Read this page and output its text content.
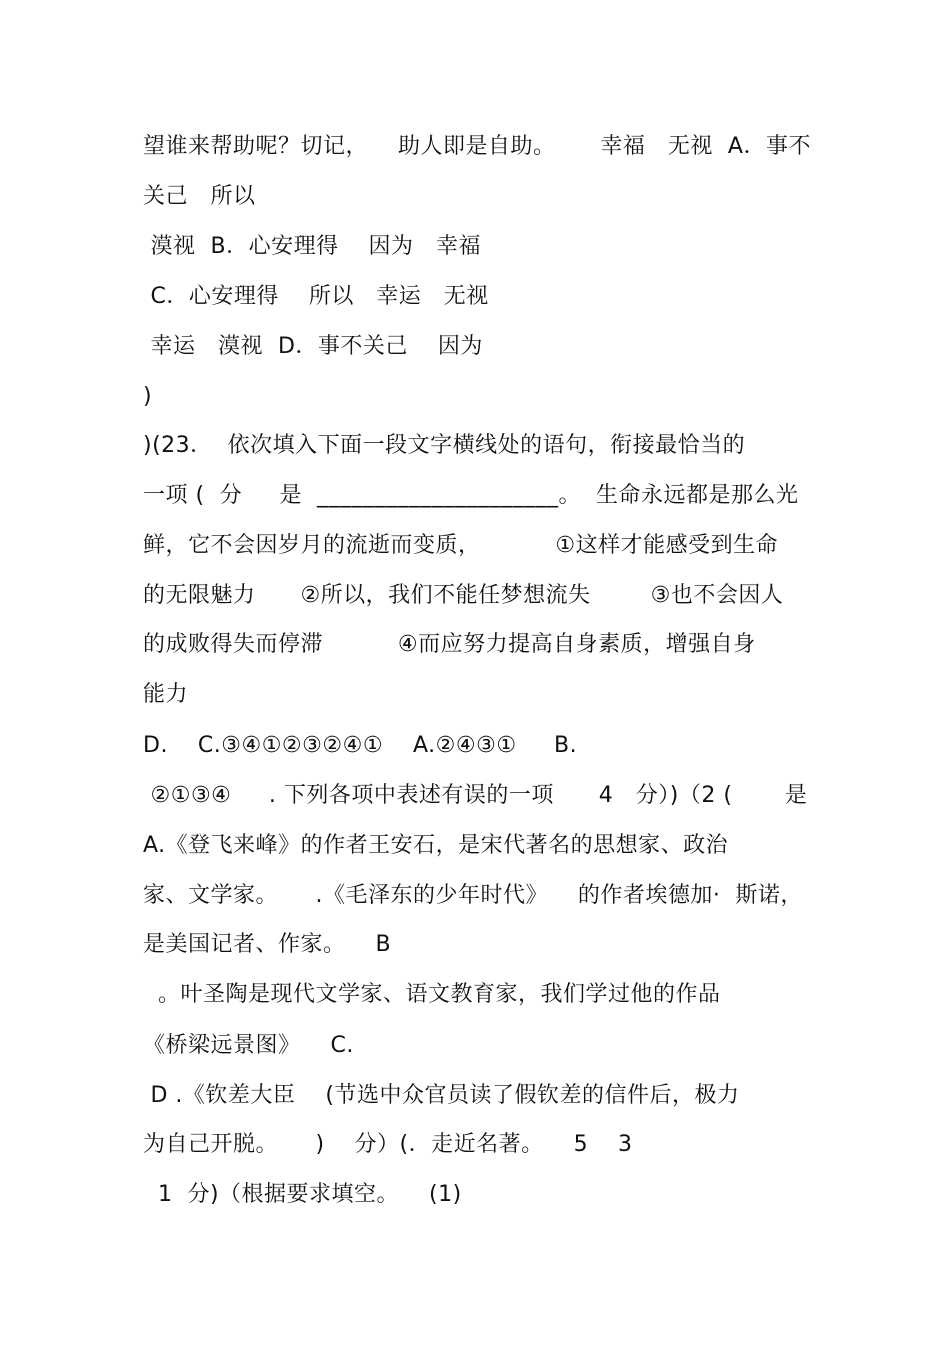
望谁来帮助呢？切记，    助人即是自助。      幸福   无视  A．事不
关己   所以
漠视  B．心安理得    因为   幸福
C．心安理得    所以   幸运   无视
幸运   漠视  D．事不关己    因为
)
)(23．  依次填入下面一段文字横线处的语句，衔接最恰当的
一项 (  分     是  _____________________。  生命永远都是那么光
鲜，它不会因岁月的流逝而变质，          ①这样才能感受到生命
的无限魅力      ②所以，我们不能任梦想流失        ③也不会因人
的成败得失而停滞          ④而应努力提高自身素质，增强自身
能力
D.    C.③④①②③②④①    A.②④③①     B.
②①③④     . 下列各项中表述有误的一项      4   分）)（2 (       是
A.《登飞来峰》的作者王安石，是宋代著名的思想家、政治
家、文学家。     .《毛泽东的少年时代》    的作者埃德加·  斯诺，
是美国记者、作家。    B
。叶圣陶是现代文学家、语文教育家，我们学过他的作品
《桥梁远景图》    C.
D .《钦差大臣    (节选中众官员读了假钦差的信件后，极力
为自己开脱。     )    分）(．走近名著。    5    3
1  分)（根据要求填空。    (1)
